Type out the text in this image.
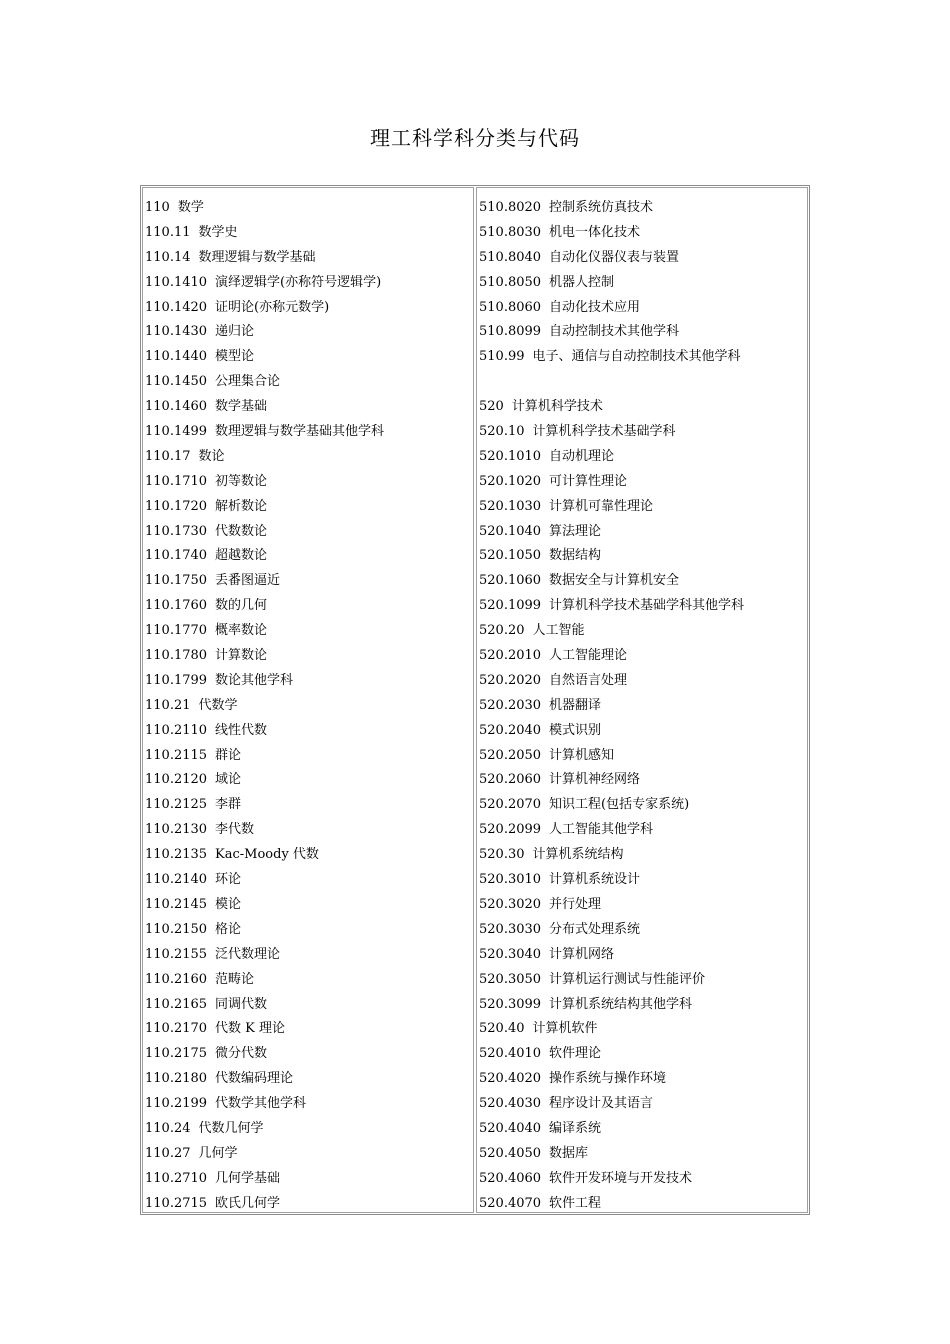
理工科学科分类与代码
110 数学
110.11 数学史
110.14 数理逻辑与数学基础
110.1410 演绎逻辑学(亦称符号逻辑学)
110.1420 证明论(亦称元数学)
110.1430 递归论
110.1440 模型论
110.1450 公理集合论
110.1460 数学基础
110.1499 数理逻辑与数学基础其他学科
110.17 数论
110.1710 初等数论
110.1720 解析数论
110.1730 代数数论
110.1740 超越数论
110.1750 丢番图逼近
110.1760 数的几何
110.1770 概率数论
110.1780 计算数论
110.1799 数论其他学科
110.21 代数学
110.2110 线性代数
110.2115 群论
110.2120 域论
110.2125 李群
110.2130 李代数
110.2135 Kac-Moody 代数
110.2140 环论
110.2145 模论
110.2150 格论
110.2155 泛代数理论
110.2160 范畴论
110.2165 同调代数
110.2170 代数 K 理论
110.2175 微分代数
110.2180 代数编码理论
110.2199 代数学其他学科
110.24 代数几何学
110.27 几何学
110.2710 几何学基础
110.2715 欧氏几何学
510.8020 控制系统仿真技术
510.8030 机电一体化技术
510.8040 自动化仪器仪表与装置
510.8050 机器人控制
510.8060 自动化技术应用
510.8099 自动控制技术其他学科
510.99 电子、通信与自动控制技术其他学科
520 计算机科学技术
520.10 计算机科学技术基础学科
520.1010 自动机理论
520.1020 可计算性理论
520.1030 计算机可靠性理论
520.1040 算法理论
520.1050 数据结构
520.1060 数据安全与计算机安全
520.1099 计算机科学技术基础学科其他学科
520.20 人工智能
520.2010 人工智能理论
520.2020 自然语言处理
520.2030 机器翻译
520.2040 模式识别
520.2050 计算机感知
520.2060 计算机神经网络
520.2070 知识工程(包括专家系统)
520.2099 人工智能其他学科
520.30 计算机系统结构
520.3010 计算机系统设计
520.3020 并行处理
520.3030 分布式处理系统
520.3040 计算机网络
520.3050 计算机运行测试与性能评价
520.3099 计算机系统结构其他学科
520.40 计算机软件
520.4010 软件理论
520.4020 操作系统与操作环境
520.4030 程序设计及其语言
520.4040 编译系统
520.4050 数据库
520.4060 软件开发环境与开发技术
520.4070 软件工程
